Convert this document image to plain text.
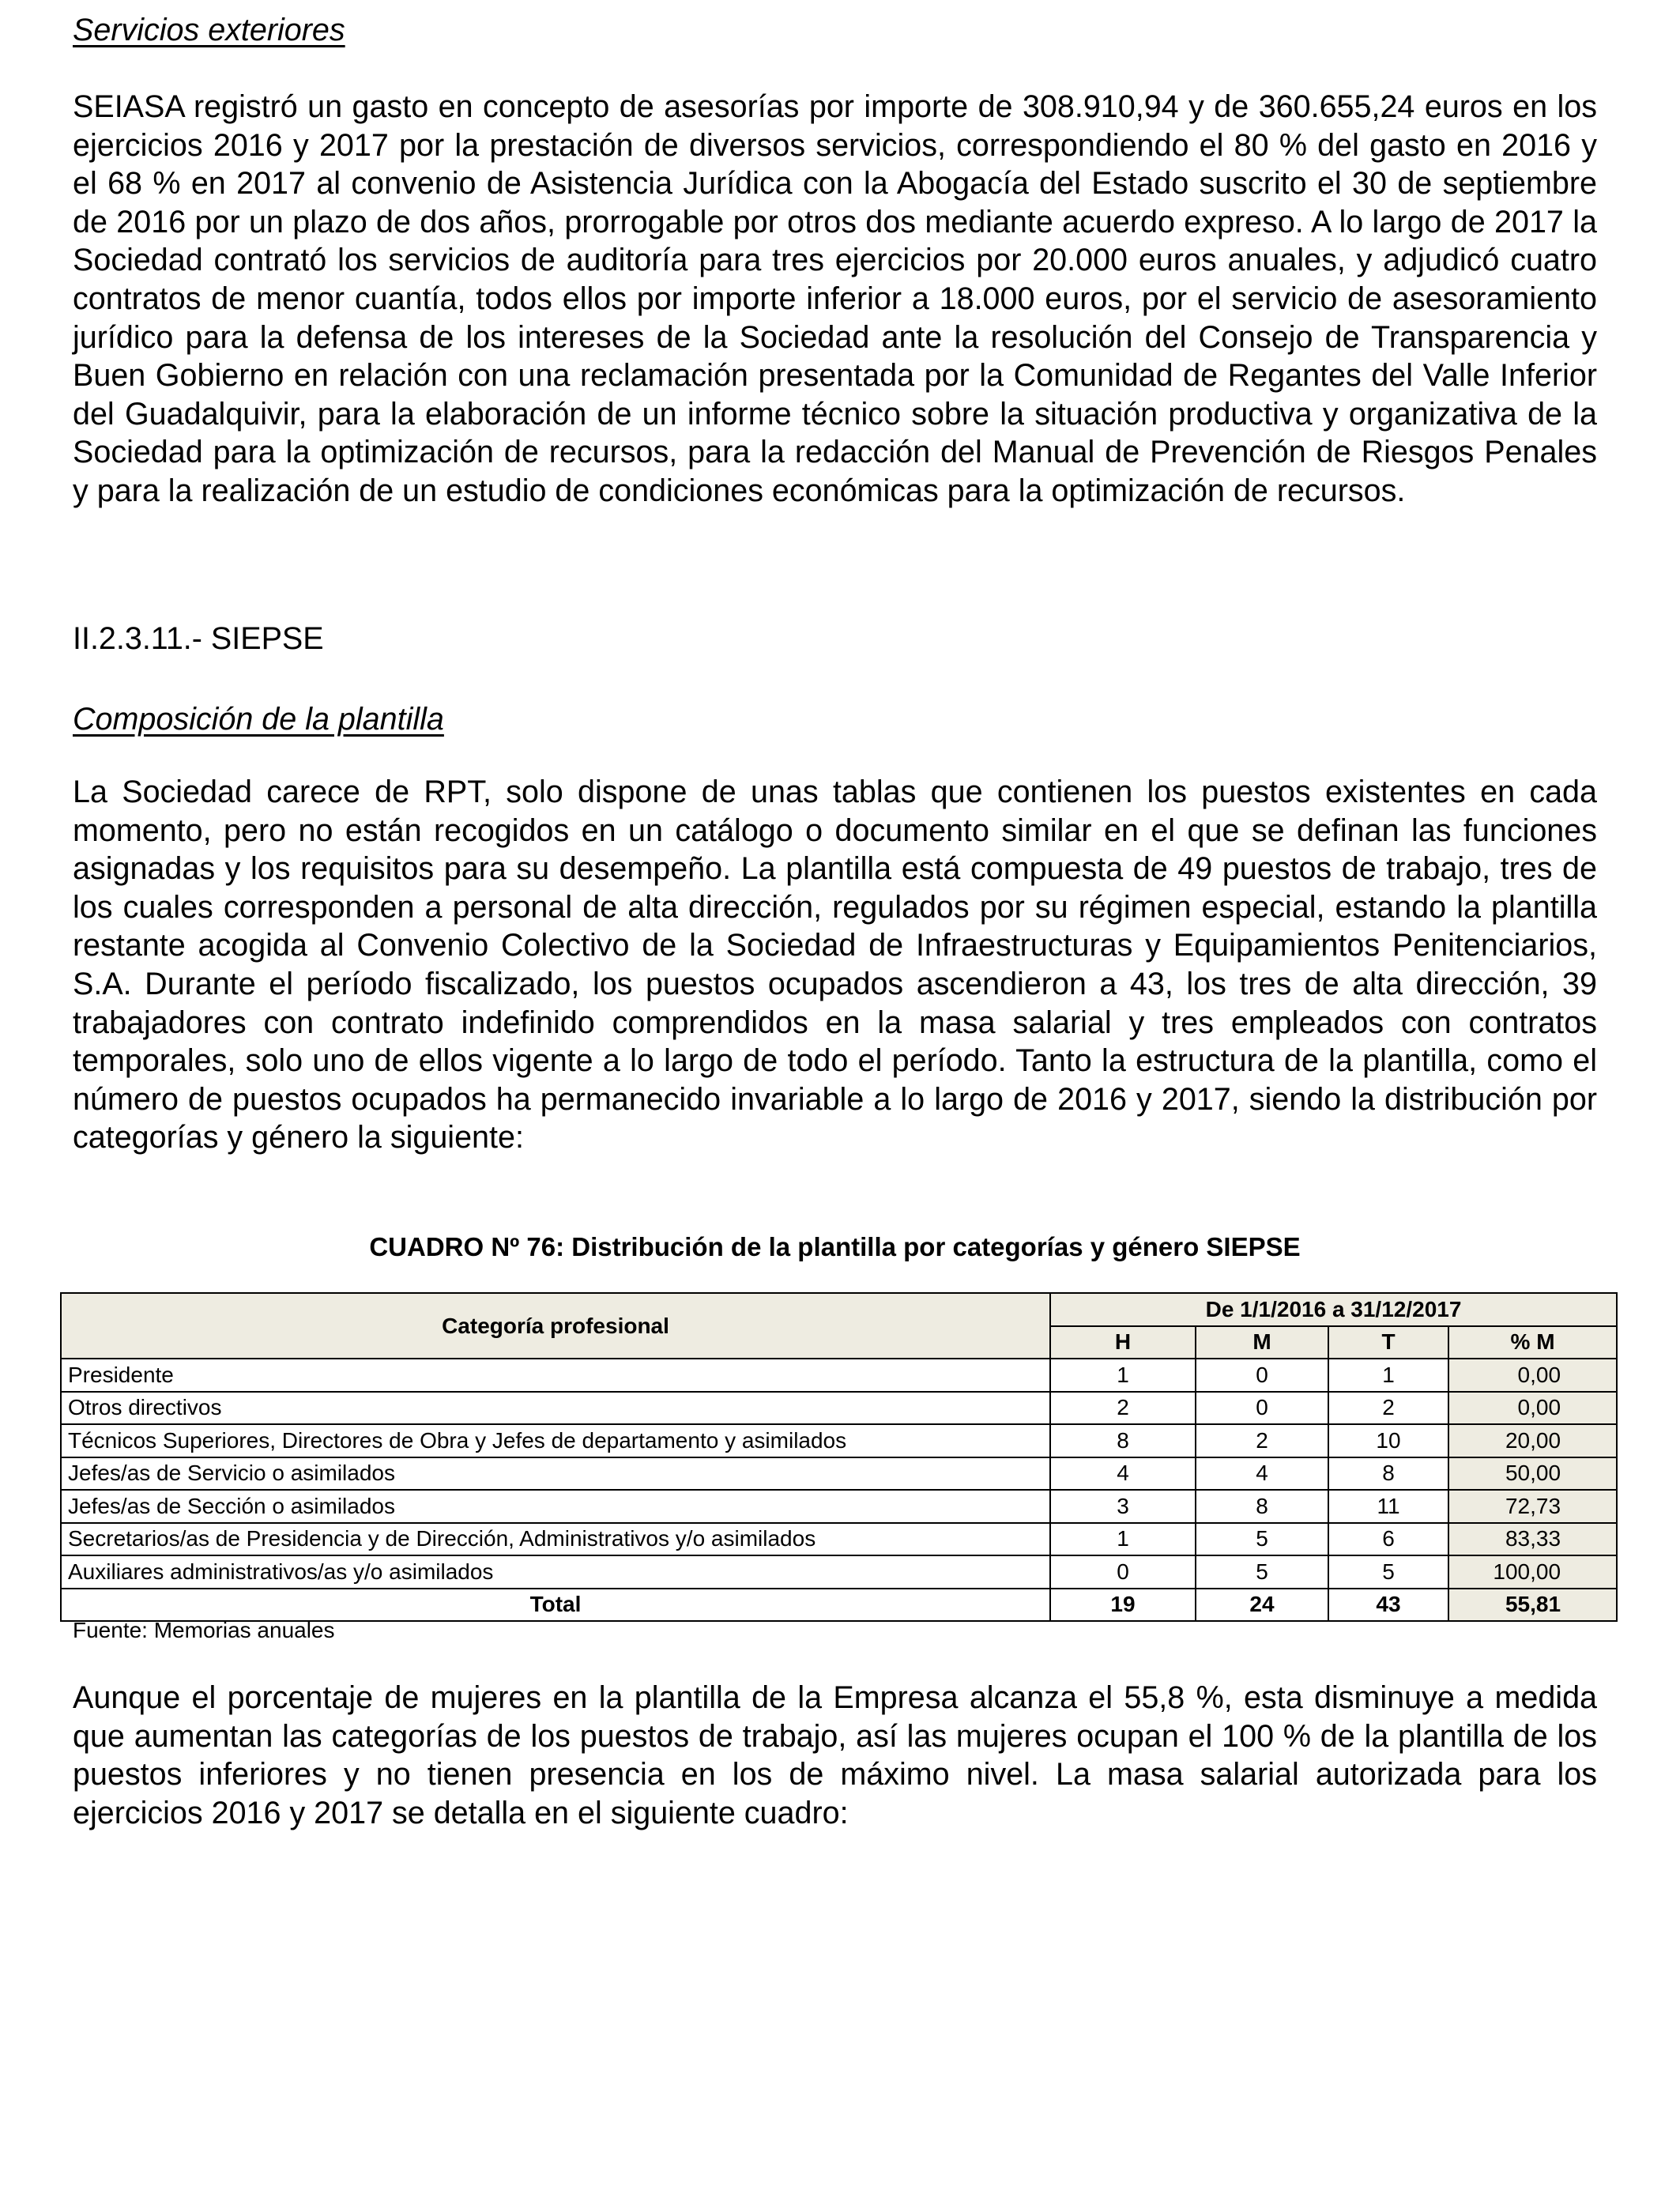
Servicios exteriores

SEIASA registró un gasto en concepto de asesorías por importe de 308.910,94 y de 360.655,24 euros en los ejercicios 2016 y 2017 por la prestación de diversos servicios, correspondiendo el 80 % del gasto en 2016 y el 68 % en 2017 al convenio de Asistencia Jurídica con la Abogacía del Estado suscrito el 30 de septiembre de 2016 por un plazo de dos años, prorrogable por otros dos mediante acuerdo expreso. A lo largo de 2017 la Sociedad contrató los servicios de auditoría para tres ejercicios por 20.000 euros anuales, y adjudicó cuatro contratos de menor cuantía, todos ellos por importe inferior a 18.000 euros, por el servicio de asesoramiento jurídico para la defensa de los intereses de la Sociedad ante la resolución del Consejo de Transparencia y Buen Gobierno en relación con una reclamación presentada por la Comunidad de Regantes del Valle Inferior del Guadalquivir, para la elaboración de un informe técnico sobre la situación productiva y organizativa de la Sociedad para la optimización de recursos, para la redacción del Manual de Prevención de Riesgos Penales y para la realización de un estudio de condiciones económicas para la optimización de recursos.

II.2.3.11.- SIEPSE

Composición de la plantilla

La Sociedad carece de RPT, solo dispone de unas tablas que contienen los puestos existentes en cada momento, pero no están recogidos en un catálogo o documento similar en el que se definan las funciones asignadas y los requisitos para su desempeño. La plantilla está compuesta de 49 puestos de trabajo, tres de los cuales corresponden a personal de alta dirección, regulados por su régimen especial, estando la plantilla restante acogida al Convenio Colectivo de la Sociedad de Infraestructuras y Equipamientos Penitenciarios, S.A. Durante el período fiscalizado, los puestos ocupados ascendieron a 43, los tres de alta dirección, 39 trabajadores con contrato indefinido comprendidos en la masa salarial y tres empleados con contratos temporales, solo uno de ellos vigente a lo largo de todo el período. Tanto la estructura de la plantilla, como el número de puestos ocupados ha permanecido invariable a lo largo de 2016 y 2017, siendo la distribución por categorías y género la siguiente:

CUADRO Nº 76: Distribución de la plantilla por categorías y género SIEPSE

Categoría profesional	De 1/1/2016 a 31/12/2017			
	H	M	T	% M
Presidente	1	0	1	0,00
Otros directivos	2	0	2	0,00
Técnicos Superiores, Directores de Obra y Jefes de departamento y asimilados	8	2	10	20,00
Jefes/as de Servicio o asimilados	4	4	8	50,00
Jefes/as de Sección o asimilados	3	8	11	72,73
Secretarios/as de Presidencia y de Dirección, Administrativos y/o asimilados	1	5	6	83,33
Auxiliares administrativos/as y/o asimilados	0	5	5	100,00
Total	19	24	43	55,81
Fuente: Memorias anuales

Aunque el porcentaje de mujeres en la plantilla de la Empresa alcanza el 55,8 %, esta disminuye a medida que aumentan las categorías de los puestos de trabajo, así las mujeres ocupan el 100 % de la plantilla de los puestos inferiores y no tienen presencia en los de máximo nivel. La masa salarial autorizada para los ejercicios 2016 y 2017 se detalla en el siguiente cuadro:
